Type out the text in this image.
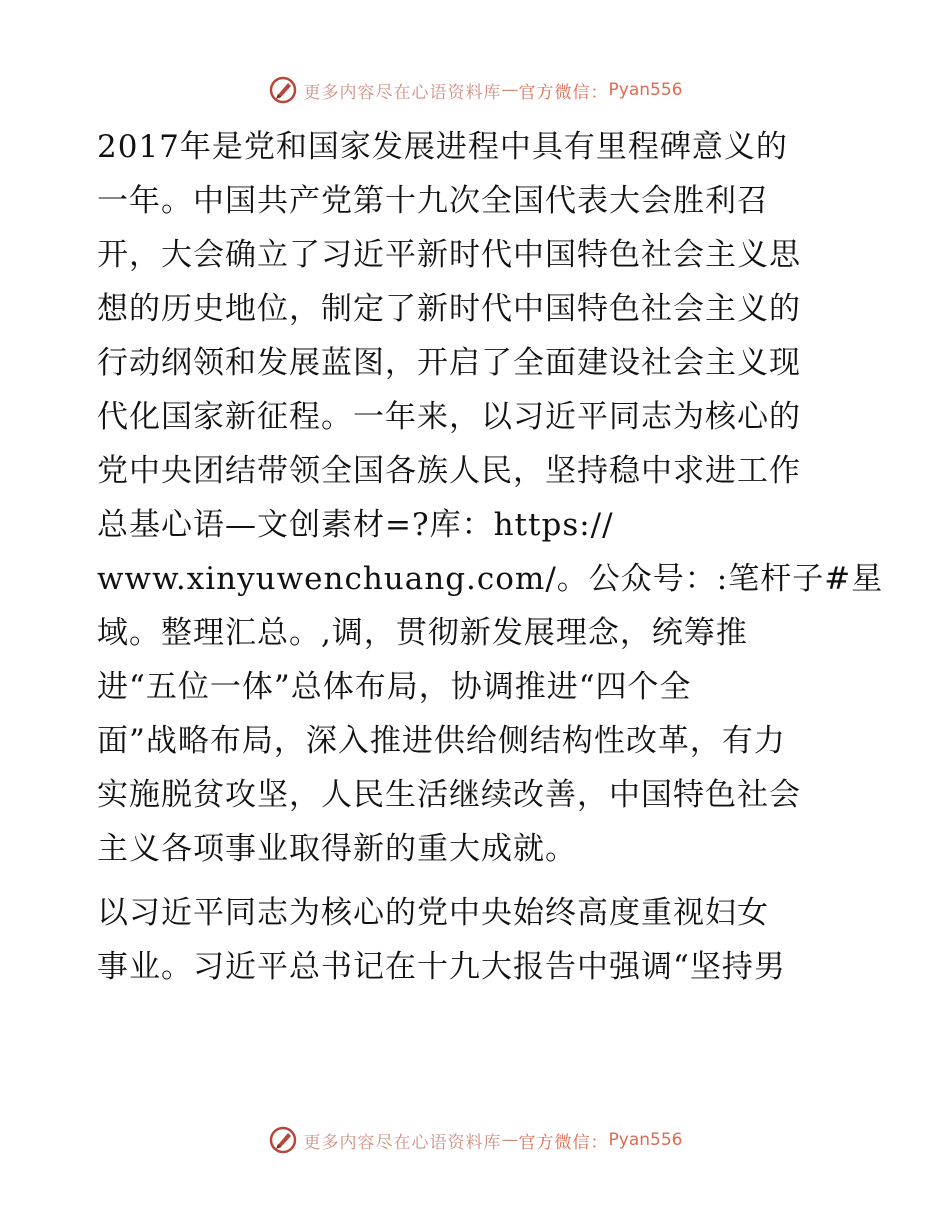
更多内容尽在心语资料库 — 官方微信： Pyan556
2017年是党和国家发展进程中具有里程碑意义的
一年。中国共产党第十九次全国代表大会胜利召
开，大会确立了习近平新时代中国特色社会主义思
想的历史地位，制定了新时代中国特色社会主义的
行动纲领和发展蓝图，开启了全面建设社会主义现
代化国家新征程。一年来，以习近平同志为核心的
党中央团结带领全国各族人民，坚持稳中求进工作
总基心语—文创素材=?库：https://
www.xinyuwenchuang.com/。公众号：:笔杆子#星
域。整理汇总。,调，贯彻新发展理念，统筹推
进“五位一体”总体布局，协调推进“四个全
面”战略布局，深入推进供给侧结构性改革，有力
实施脱贫攻坚，人民生活继续改善，中国特色社会
主义各项事业取得新的重大成就。
以习近平同志为核心的党中央始终高度重视妇女
事业。习近平总书记在十九大报告中强调“坚持男
更多内容尽在心语资料库 — 官方微信： Pyan556
